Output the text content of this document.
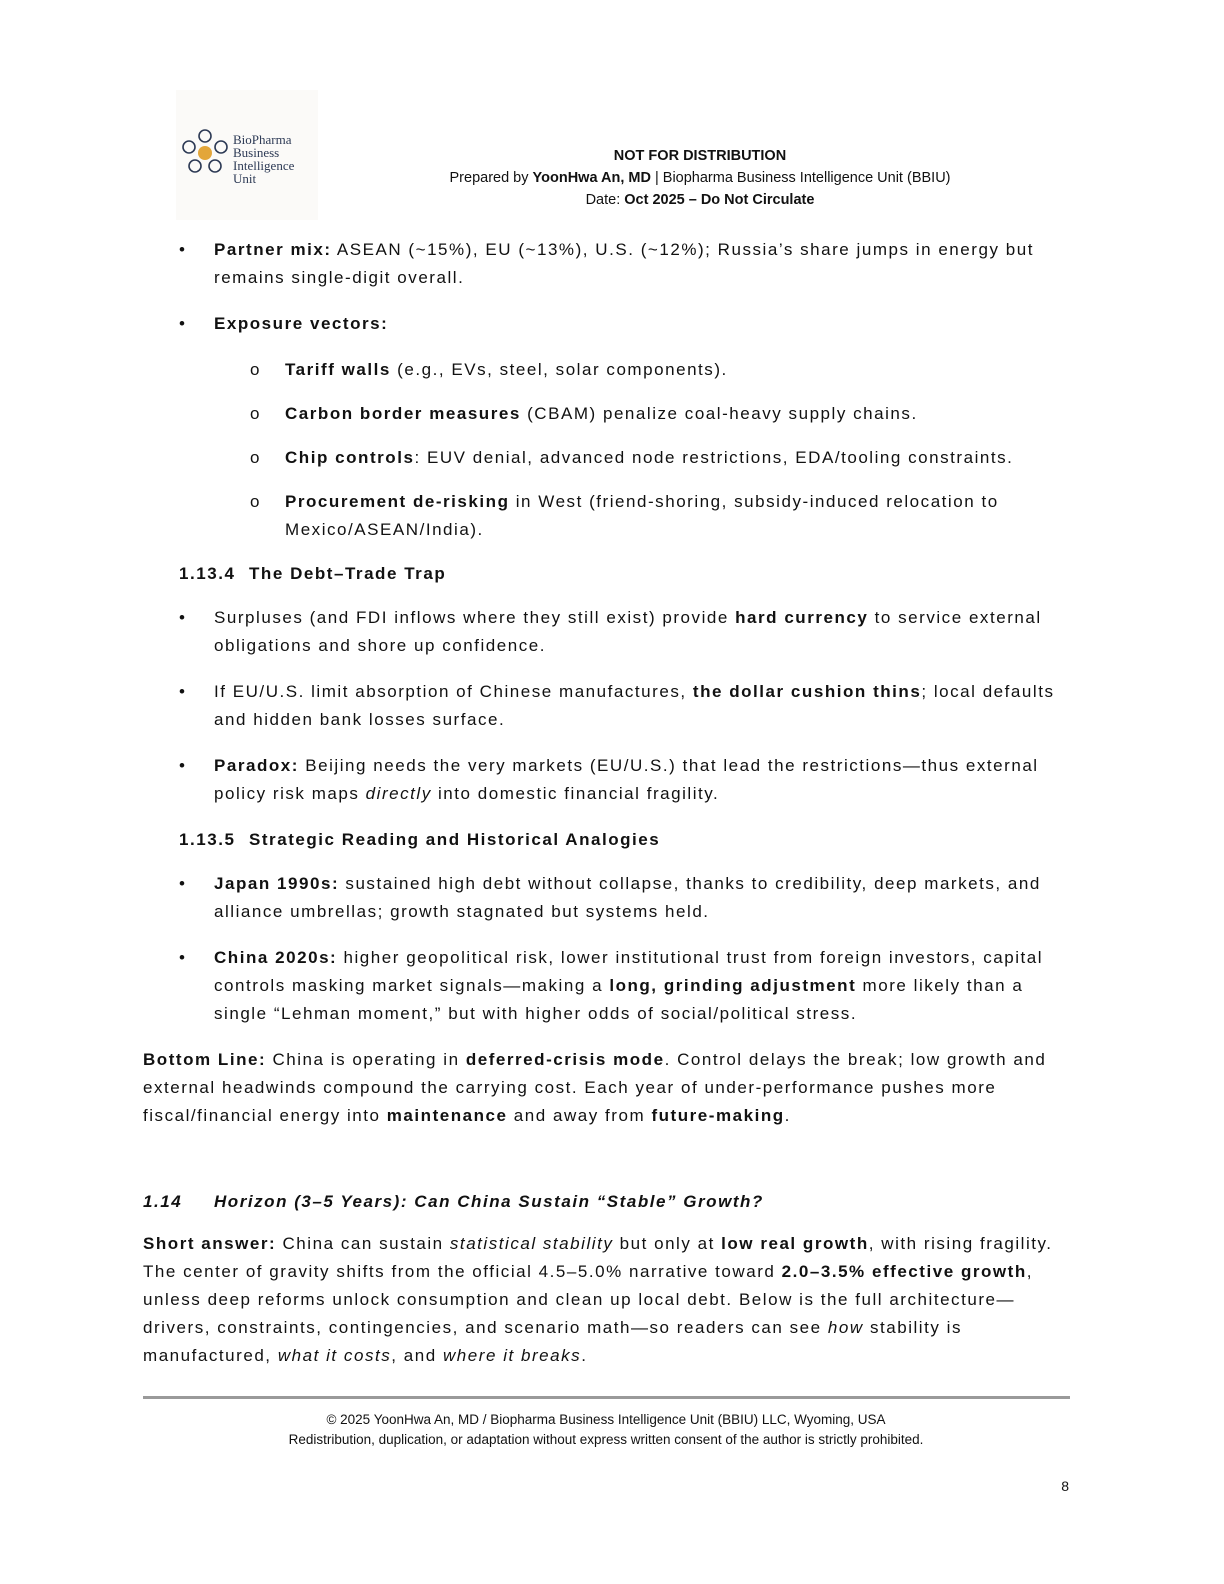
BioPharma
Business
Intelligence
Unit
NOT FOR DISTRIBUTION
Prepared by YoonHwa An, MD | Biopharma Business Intelligence Unit (BBIU)
Date: Oct 2025 – Do Not Circulate
• Partner mix: ASEAN (~15%), EU (~13%), U.S. (~12%); Russia’s share jumps in energy but remains single-digit overall.
• Exposure vectors:
o Tariff walls (e.g., EVs, steel, solar components).
o Carbon border measures (CBAM) penalize coal-heavy supply chains.
o Chip controls: EUV denial, advanced node restrictions, EDA/tooling constraints.
o Procurement de-risking in West (friend-shoring, subsidy-induced relocation to Mexico/ASEAN/India).
1.13.4 The Debt–Trade Trap
• Surpluses (and FDI inflows where they still exist) provide hard currency to service external obligations and shore up confidence.
• If EU/U.S. limit absorption of Chinese manufactures, the dollar cushion thins; local defaults and hidden bank losses surface.
• Paradox: Beijing needs the very markets (EU/U.S.) that lead the restrictions—thus external policy risk maps directly into domestic financial fragility.
1.13.5 Strategic Reading and Historical Analogies
• Japan 1990s: sustained high debt without collapse, thanks to credibility, deep markets, and alliance umbrellas; growth stagnated but systems held.
• China 2020s: higher geopolitical risk, lower institutional trust from foreign investors, capital controls masking market signals—making a long, grinding adjustment more likely than a single “Lehman moment,” but with higher odds of social/political stress.
Bottom Line: China is operating in deferred-crisis mode. Control delays the break; low growth and external headwinds compound the carrying cost. Each year of under-performance pushes more fiscal/financial energy into maintenance and away from future-making.
1.14 Horizon (3–5 Years): Can China Sustain “Stable” Growth?
Short answer: China can sustain statistical stability but only at low real growth, with rising fragility. The center of gravity shifts from the official 4.5–5.0% narrative toward 2.0–3.5% effective growth, unless deep reforms unlock consumption and clean up local debt. Below is the full architecture—drivers, constraints, contingencies, and scenario math—so readers can see how stability is manufactured, what it costs, and where it breaks.
© 2025 YoonHwa An, MD / Biopharma Business Intelligence Unit (BBIU) LLC, Wyoming, USA
Redistribution, duplication, or adaptation without express written consent of the author is strictly prohibited.
8
